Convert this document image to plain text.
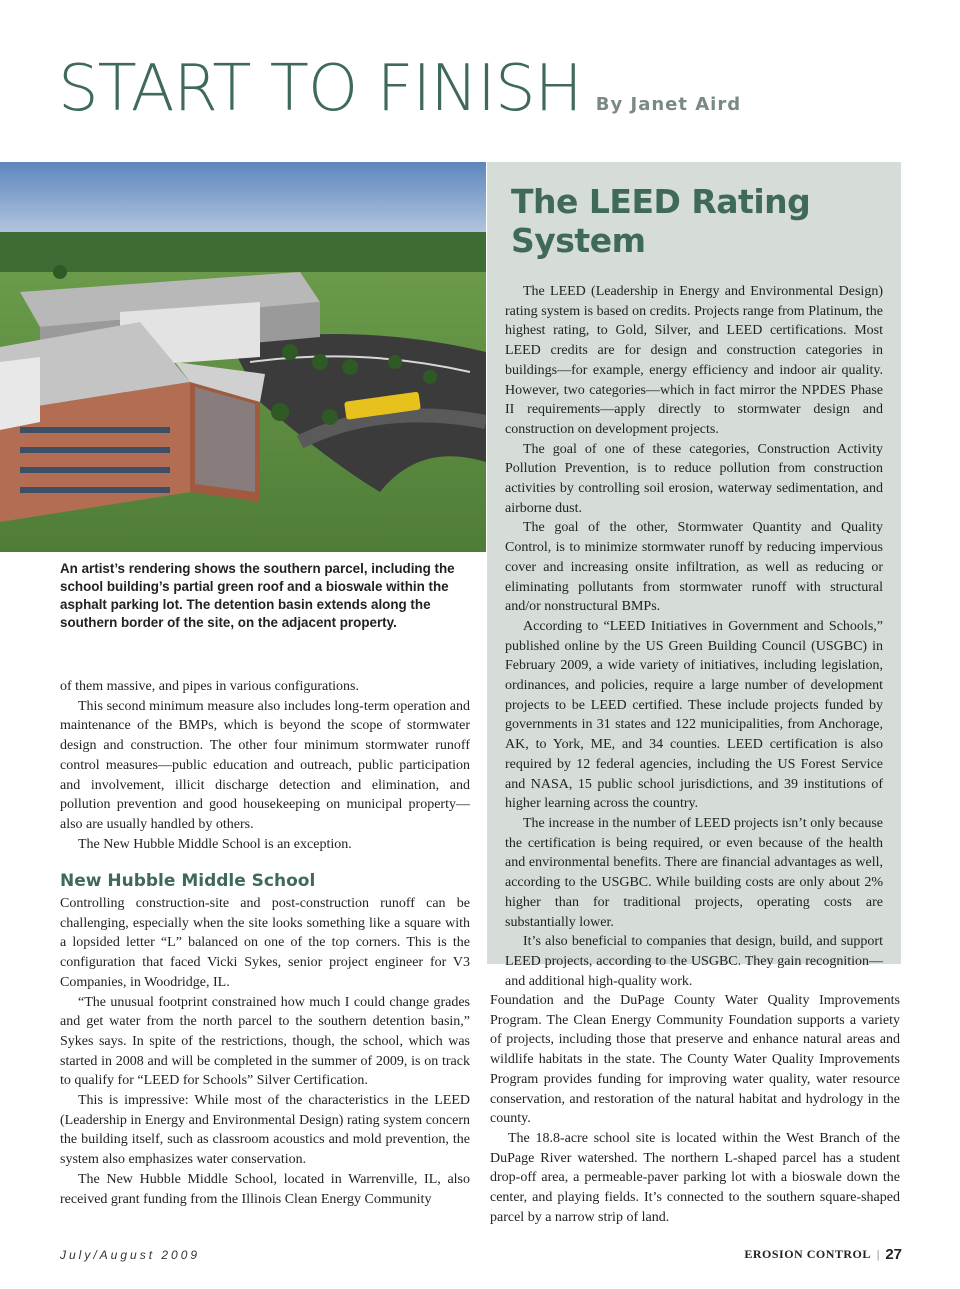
START TO FINISH By Janet Aird

An artist’s rendering shows the southern parcel, including the school building’s partial green roof and a bioswale within the asphalt parking lot. The detention basin extends along the southern border of the site, on the adjacent property.

The LEED Rating System

The LEED (Leadership in Energy and Environmental Design) rating system is based on credits. Projects range from Platinum, the highest rating, to Gold, Silver, and LEED certifications. Most LEED credits are for design and construction categories in buildings—for example, energy efficiency and indoor air quality. However, two categories—which in fact mirror the NPDES Phase II requirements—apply directly to stormwater design and construction on development projects.

The goal of one of these categories, Construction Activity Pollution Prevention, is to reduce pollution from construction activities by controlling soil erosion, waterway sedimentation, and airborne dust.

The goal of the other, Stormwater Quantity and Quality Control, is to minimize stormwater runoff by reducing impervious cover and increasing onsite infiltration, as well as reducing or eliminating pollutants from stormwater runoff with structural and/or nonstructural BMPs.

According to “LEED Initiatives in Government and Schools,” published online by the US Green Building Council (USGBC) in February 2009, a wide variety of initiatives, including legislation, ordinances, and policies, require a large number of development projects to be LEED certified. These include projects funded by governments in 31 states and 122 municipalities, from Anchorage, AK, to York, ME, and 34 counties. LEED certification is also required by 12 federal agencies, including the US Forest Service and NASA, 15 public school jurisdictions, and 39 institutions of higher learning across the country.

The increase in the number of LEED projects isn’t only because the certification is being required, or even because of the health and environmental benefits. There are financial advantages as well, according to the USGBC. While building costs are only about 2% higher than for traditional projects, operating costs are substantially lower.

It’s also beneficial to companies that design, build, and support LEED projects, according to the USGBC. They gain recognition—and additional high-quality work.

of them massive, and pipes in various configurations.

This second minimum measure also includes long-term operation and maintenance of the BMPs, which is beyond the scope of stormwater design and construction. The other four minimum stormwater runoff control measures—public education and outreach, public participation and involvement, illicit discharge detection and elimination, and pollution prevention and good housekeeping on municipal property—also are usually handled by others.

The New Hubble Middle School is an exception.

New Hubble Middle School

Controlling construction-site and post-construction runoff can be challenging, especially when the site looks something like a square with a lopsided letter “L” balanced on one of the top corners. This is the configuration that faced Vicki Sykes, senior project engineer for V3 Companies, in Woodridge, IL.

“The unusual footprint constrained how much I could change grades and get water from the north parcel to the southern detention basin,” Sykes says. In spite of the restrictions, though, the school, which was started in 2008 and will be completed in the summer of 2009, is on track to qualify for “LEED for Schools” Silver Certification.

This is impressive: While most of the characteristics in the LEED (Leadership in Energy and Environmental Design) rating system concern the building itself, such as classroom acoustics and mold prevention, the system also emphasizes water conservation.

The New Hubble Middle School, located in Warrenville, IL, also received grant funding from the Illinois Clean Energy Community

Foundation and the DuPage County Water Quality Improvements Program. The Clean Energy Community Foundation supports a variety of projects, including those that preserve and enhance natural areas and wildlife habitats in the state. The County Water Quality Improvements Program provides funding for improving water quality, water resource conservation, and restoration of the natural habitat and hydrology in the county.

The 18.8-acre school site is located within the West Branch of the DuPage River watershed. The northern L-shaped parcel has a student drop-off area, a permeable-paver parking lot with a bioswale down the center, and playing fields. It’s connected to the southern square-shaped parcel by a narrow strip of land.

July/August 2009	EROSION CONTROL | 27
